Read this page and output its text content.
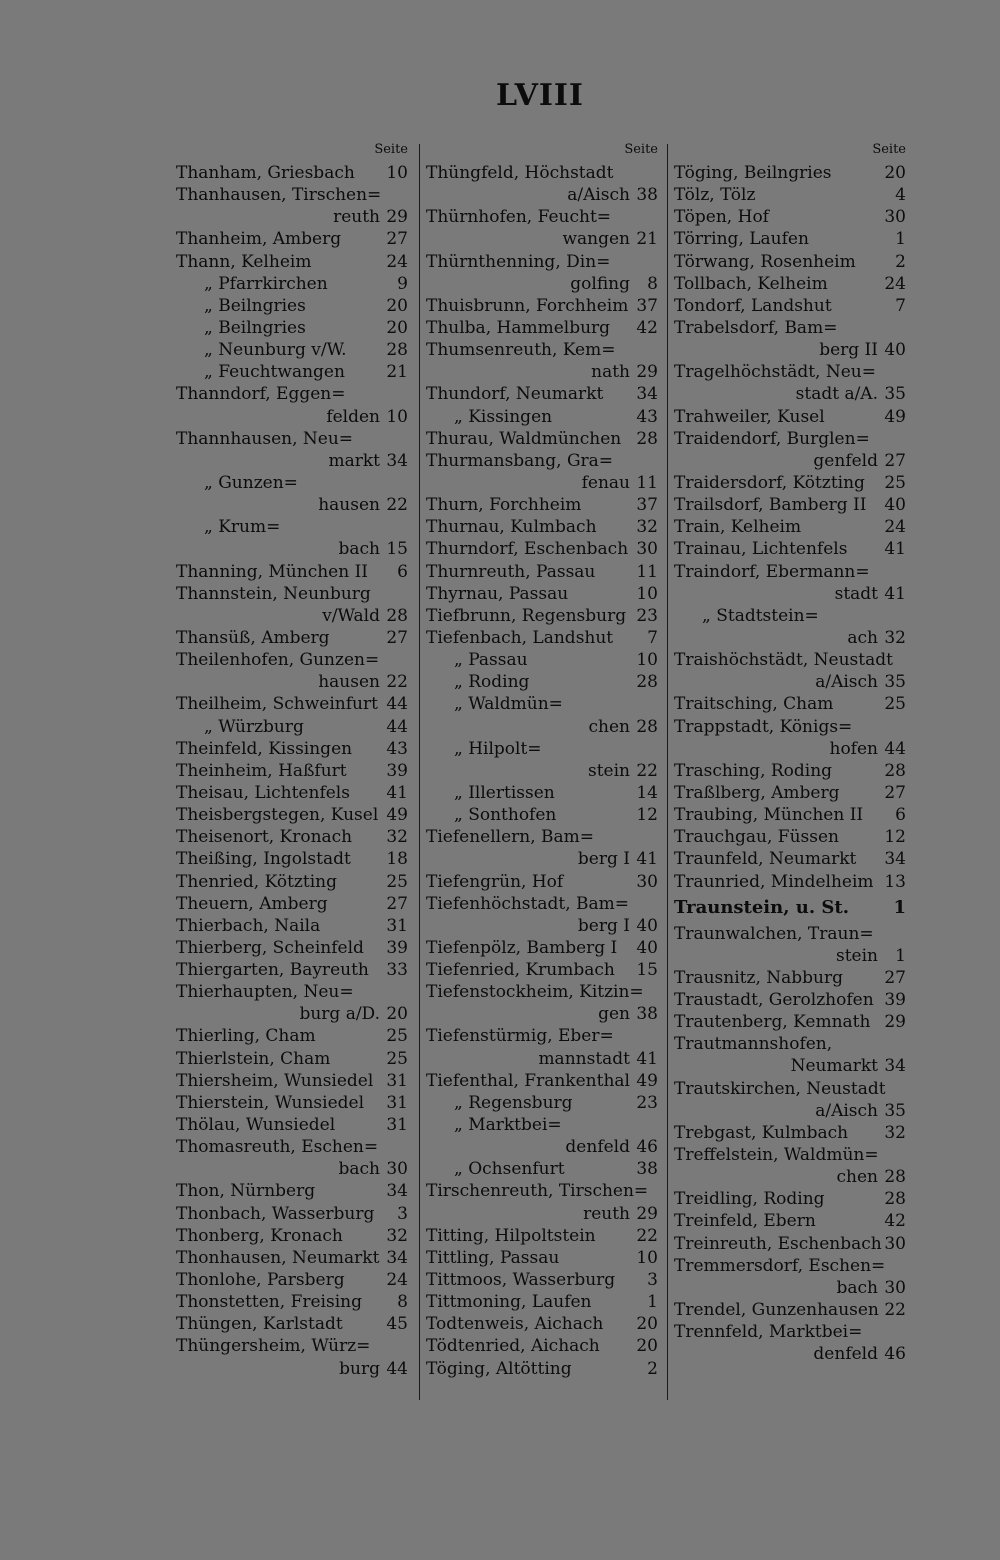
LVIII
Seite
Thanham, Griesbach 10
Thanhausen, Tirschen=
reuth 29
Thanheim, Amberg	27
Thann, Kelheim	24
„ Pfarrkirchen	9
„ Beilngries	20
„ Beilngries	20
„ Neunburg v/W. 28
„ Feuchtwangen 21
Thanndorf, Eggen=
felden 10
Thannhausen, Neu=
markt 34
„ Gunzen=
hausen 22
„ Krum=
bach 15
Thanning, München II 6
Thannstein, Neunburg
v/Wald 28
Thansüß, Amberg	27
Theilenhofen, Gunzen=
hausen 22
Theilheim, Schweinfurt 44
„ Würzburg	44
Theinfeld, Kissingen 43
Theinheim, Haßfurt 39
Theisau, Lichtenfels 41
Theisbergstegen, Kusel 49
Theisenort, Kronach 32
Theißing, Ingolstadt 18
Thenried, Kötzting	25
Theuern, Amberg	27
Thierbach, Naila	31
Thierberg, Scheinfeld 39
Thiergarten, Bayreuth 33
Thierhaupten, Neu=
burg a/D. 20
Thierling, Cham	25
Thierlstein, Cham	25
Thiersheim, Wunsiedel 31
Thierstein, Wunsiedel 31
Thölau, Wunsiedel	31
Thomasreuth, Eschen=
bach 30
Thon, Nürnberg	34
Thonbach, Wasserburg 3
Thonberg, Kronach	32
Thonhausen, Neumarkt 34
Thonlohe, Parsberg 24
Thonstetten, Freising 8
Thüngen, Karlstadt	45
Thüngersheim, Würz=
burg 44
Seite
Thüngfeld, Höchstadt
a/Aisch 38
Thürnhofen, Feucht=
wangen 21
Thürnthenning, Din=
golfing 8
Thuisbrunn, Forchheim 37
Thulba, Hammelburg 42
Thumsenreuth, Kem=
nath 29
Thundorf, Neumarkt 34
„ Kissingen	43
Thurau, Waldmünchen 28
Thurmansbang, Gra=
fenau 11
Thurn, Forchheim	37
Thurnau, Kulmbach 32
Thurndorf, Eschenbach 30
Thurnreuth, Passau 11
Thyrnau, Passau	10
Tiefbrunn, Regensburg 23
Tiefenbach, Landshut 7
„ Passau	10
„ Roding	28
„ Waldmün=
chen 28
„ Hilpolt=
stein 22
„ Illertissen	14
„ Sonthofen	12
Tiefenellern, Bam=
berg I 41
Tiefengrün, Hof	30
Tiefenhöchstadt, Bam=
berg I 40
Tiefenpölz, Bamberg I 40
Tiefenried, Krumbach 15
Tiefenstockheim, Kitzin=
gen 38
Tiefenstürmig, Eber=
mannstadt 41
Tiefenthal, Frankenthal 49
„ Regensburg	23
„ Marktbei=
denfeld 46
„ Ochsenfurt	38
Tirschenreuth, Tirschen=
reuth 29
Titting, Hilpoltstein 22
Tittling, Passau	10
Tittmoos, Wasserburg 3
Tittmoning, Laufen	1
Todtenweis, Aichach 20
Tödtenried, Aichach 20
Töging, Altötting	2
Seite
Töging, Beilngries	20
Tölz, Tölz	4
Töpen, Hof	30
Törring, Laufen	1
Törwang, Rosenheim 2
Tollbach, Kelheim	24
Tondorf, Landshut	7
Trabelsdorf, Bam=
berg II 40
Tragelhöchstädt, Neu=
stadt a/A. 35
Trahweiler, Kusel	49
Traidendorf, Burglen=
genfeld 27
Traidersdorf, Kötzting 25
Trailsdorf, Bamberg II 40
Train, Kelheim	24
Trainau, Lichtenfels 41
Traindorf, Ebermann=
stadt 41
„ Stadtstein=
ach 32
Traishöchstädt, Neustadt
a/Aisch 35
Traitsching, Cham	25
Trappstadt, Königs=
hofen 44
Trasching, Roding	28
Traßlberg, Amberg	27
Traubing, München II 6
Trauchgau, Füssen	12
Traunfeld, Neumarkt 34
Traunried, Mindelheim 13
Traunstein, u. St. 1
Traunwalchen, Traun=
stein 1
Trausnitz, Nabburg 27
Traustadt, Gerolzhofen 39
Trautenberg, Kemnath 29
Trautmannshofen,
Neumarkt 34
Trautskirchen, Neustadt
a/Aisch 35
Trebgast, Kulmbach 32
Treffelstein, Waldmün=
chen 28
Treidling, Roding	28
Treinfeld, Ebern	42
Treinreuth, Eschenbach 30
Tremmersdorf, Eschen=
bach 30
Trendel, Gunzenhausen 22
Trennfeld, Marktbei=
denfeld 46
